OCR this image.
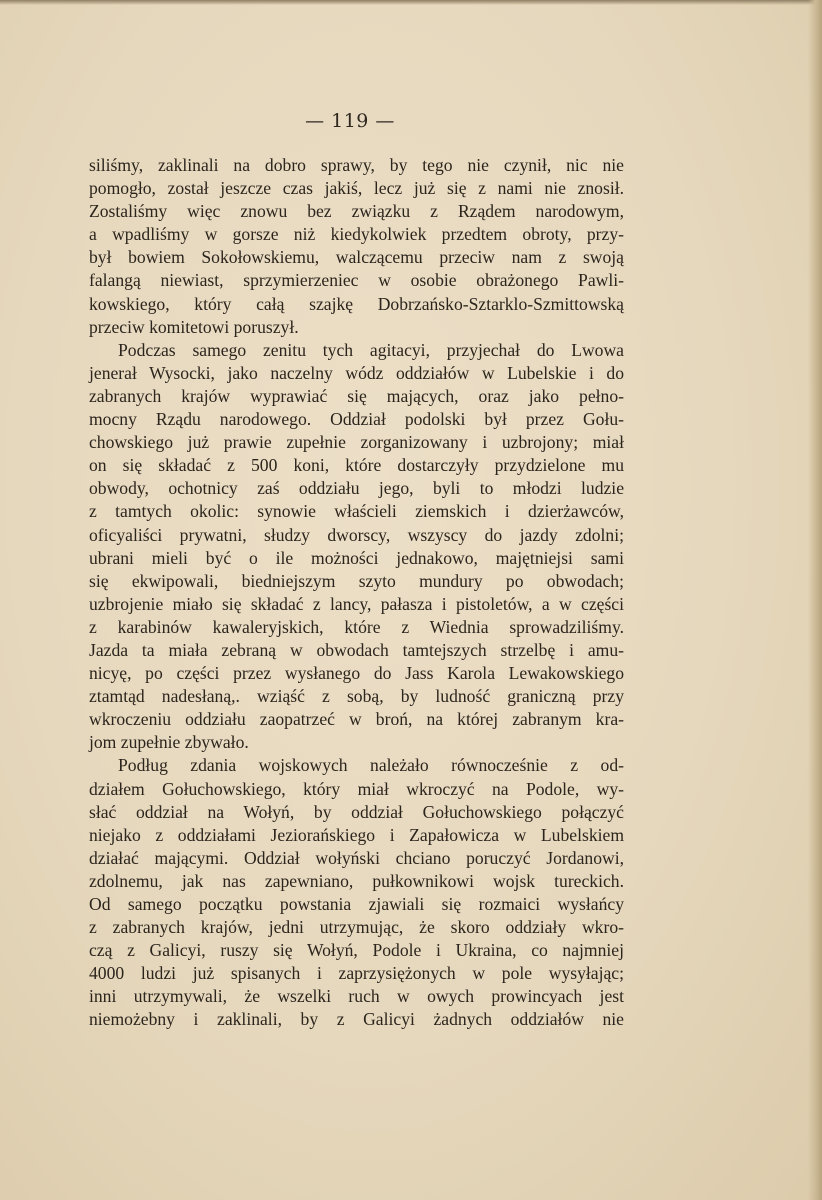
— 119 —
siliśmy, zaklinali na dobro sprawy, by tego nie czynił, nic nie
pomogło, został jeszcze czas jakiś, lecz już się z nami nie znosił.
Zostaliśmy więc znowu bez związku z Rządem narodowym,
a wpadliśmy w gorsze niż kiedykolwiek przedtem obroty, przy-
był bowiem Sokołowskiemu, walczącemu przeciw nam z swoją
falangą niewiast, sprzymierzeniec w osobie obrażonego Pawli-
kowskiego, który całą szajkę Dobrzańsko-Sztarklo-Szmittowską
przeciw komitetowi poruszył.
Podczas samego zenitu tych agitacyi, przyjechał do Lwowa
jenerał Wysocki, jako naczelny wódz oddziałów w Lubelskie i do
zabranych krajów wyprawiać się mających, oraz jako pełno-
mocny Rządu narodowego. Oddział podolski był przez Gołu-
chowskiego już prawie zupełnie zorganizowany i uzbrojony; miał
on się składać z 500 koni, które dostarczyły przydzielone mu
obwody, ochotnicy zaś oddziału jego, byli to młodzi ludzie
z tamtych okolic: synowie właścieli ziemskich i dzierżawców,
oficyaliści prywatni, słudzy dworscy, wszyscy do jazdy zdolni;
ubrani mieli być o ile możności jednakowo, majętniejsi sami
się ekwipowali, biedniejszym szyto mundury po obwodach;
uzbrojenie miało się składać z lancy, pałasza i pistoletów, a w części
z karabinów kawaleryjskich, które z Wiednia sprowadziliśmy.
Jazda ta miała zebraną w obwodach tamtejszych strzelbę i amu-
nicyę, po części przez wysłanego do Jass Karola Lewakowskiego
ztamtąd nadesłaną,. wziąść z sobą, by ludność graniczną przy
wkroczeniu oddziału zaopatrzeć w broń, na której zabranym kra-
jom zupełnie zbywało.
Podług zdania wojskowych należało równocześnie z od-
działem Gołuchowskiego, który miał wkroczyć na Podole, wy-
słać oddział na Wołyń, by oddział Gołuchowskiego połączyć
niejako z oddziałami Jeziorańskiego i Zapałowicza w Lubelskiem
działać mającymi. Oddział wołyński chciano poruczyć Jordanowi,
zdolnemu, jak nas zapewniano, pułkownikowi wojsk tureckich.
Od samego początku powstania zjawiali się rozmaici wysłańcy
z zabranych krajów, jedni utrzymując, że skoro oddziały wkro-
czą z Galicyi, ruszy się Wołyń, Podole i Ukraina, co najmniej
4000 ludzi już spisanych i zaprzysiężonych w pole wysyłając;
inni utrzymywali, że wszelki ruch w owych prowincyach jest
niemożebny i zaklinali, by z Galicyi żadnych oddziałów nie
